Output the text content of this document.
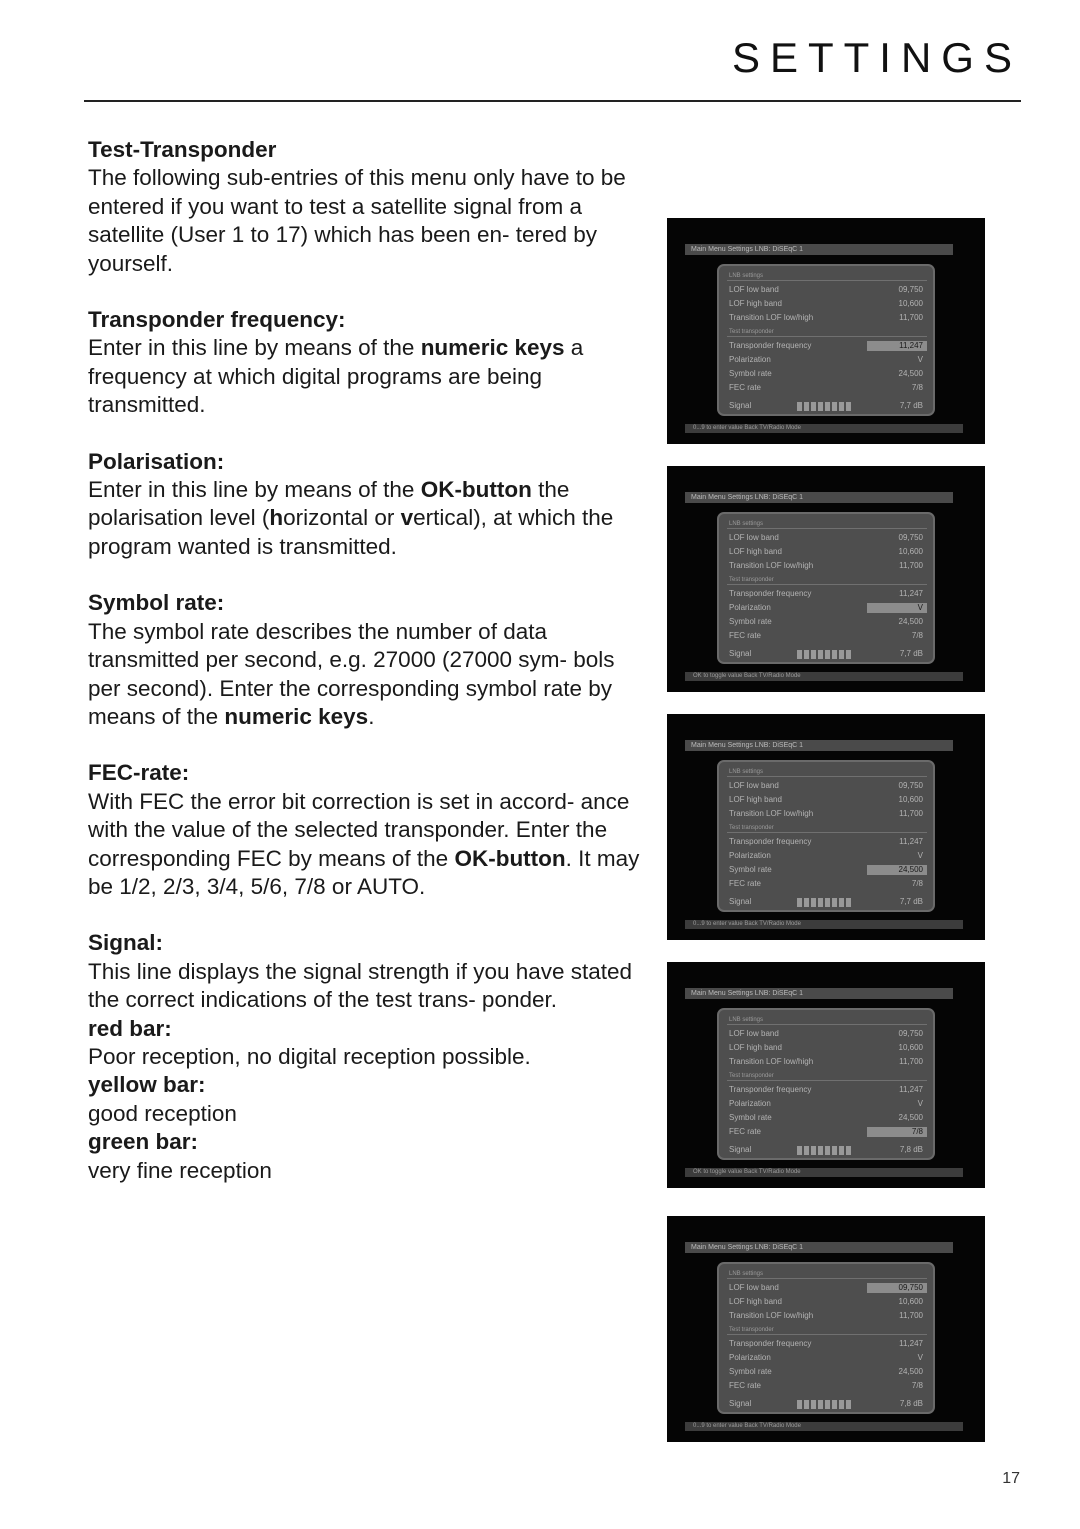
SETTINGS

Test-Transponder

The following sub-entries of this menu only have to be entered if you want to test a satellite signal from a satellite (User 1 to 17) which has been en- tered by yourself.

Transponder frequency:

Enter in this line by means of the numeric keys a frequency at which digital programs are being transmitted.

Polarisation:

Enter in this line by means of the OK-button the polarisation level (horizontal or vertical), at which the program wanted is transmitted.

Symbol rate:

The symbol rate describes the number of data transmitted per second, e.g. 27000 (27000 sym- bols per second). Enter the corresponding symbol rate by means of the numeric keys.

FEC-rate:

With FEC the error bit correction is set in accord- ance with the value of the selected transponder. Enter the corresponding FEC by means of the OK-button. It may be 1/2, 2/3, 3/4, 5/6, 7/8 or AUTO.

Signal:

This line displays the signal strength if you have stated the correct indications of the test trans- ponder.

red bar:

Poor reception, no digital reception possible.

yellow bar:

good reception

green bar:

very fine reception

Main Menu Settings LNB: DiSEqC 1
LNB settings
LOF low band	09,750
LOF high band	10,600
Transition LOF low/high	11,700
Test transponder
Transponder frequency	11,247
Polarization	V
Symbol rate	24,500
FEC rate	7/8
Signal	7,7 dB
0...9 to enter value Back TV/Radio Mode
Main Menu Settings LNB: DiSEqC 1
LNB settings
LOF low band	09,750
LOF high band	10,600
Transition LOF low/high	11,700
Test transponder
Transponder frequency	11,247
Polarization	V
Symbol rate	24,500
FEC rate	7/8
Signal	7,7 dB
OK to toggle value Back TV/Radio Mode
Main Menu Settings LNB: DiSEqC 1
LNB settings
LOF low band	09,750
LOF high band	10,600
Transition LOF low/high	11,700
Test transponder
Transponder frequency	11,247
Polarization	V
Symbol rate	24,500
FEC rate	7/8
Signal	7,7 dB
0...9 to enter value Back TV/Radio Mode
Main Menu Settings LNB: DiSEqC 1
LNB settings
LOF low band	09,750
LOF high band	10,600
Transition LOF low/high	11,700
Test transponder
Transponder frequency	11,247
Polarization	V
Symbol rate	24,500
FEC rate	7/8
Signal	7,8 dB
OK to toggle value Back TV/Radio Mode
Main Menu Settings LNB: DiSEqC 1
LNB settings
LOF low band	09,750
LOF high band	10,600
Transition LOF low/high	11,700
Test transponder
Transponder frequency	11,247
Polarization	V
Symbol rate	24,500
FEC rate	7/8
Signal	7,8 dB
0...9 to enter value Back TV/Radio Mode
17
